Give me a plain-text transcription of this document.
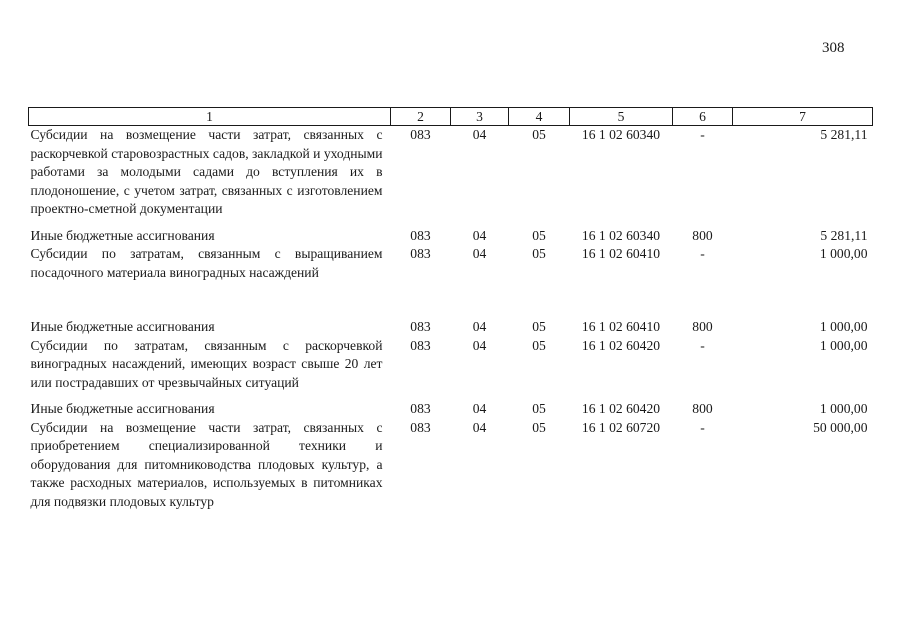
308
1	2	3	4	5	6	7
Субсидии на возмещение части затрат, связанных с раскорчевкой старовозрастных садов, закладкой и уходными работами за молодыми садами до вступления их в плодоношение, с учетом затрат, связанных с изготовлением проектно-сметной документации	083	04	05	16 1 02 60340	-	5 281,11
Иные бюджетные ассигнования	083	04	05	16 1 02 60340	800	5 281,11
Субсидии по затратам, связанным с выращиванием посадочного материала виноградных насаждений	083	04	05	16 1 02 60410	-	1 000,00
Иные бюджетные ассигнования	083	04	05	16 1 02 60410	800	1 000,00
Субсидии по затратам, связанным с раскорчевкой виноградных насаждений, имеющих возраст свыше 20 лет или пострадавших от чрезвычайных ситуаций	083	04	05	16 1 02 60420	-	1 000,00
Иные бюджетные ассигнования	083	04	05	16 1 02 60420	800	1 000,00
Субсидии на возмещение части затрат, связанных с приобретением специализированной техники и оборудования для питомниководства плодовых культур, а также расходных материалов, используемых в питомниках для подвязки плодовых культур	083	04	05	16 1 02 60720	-	50 000,00
